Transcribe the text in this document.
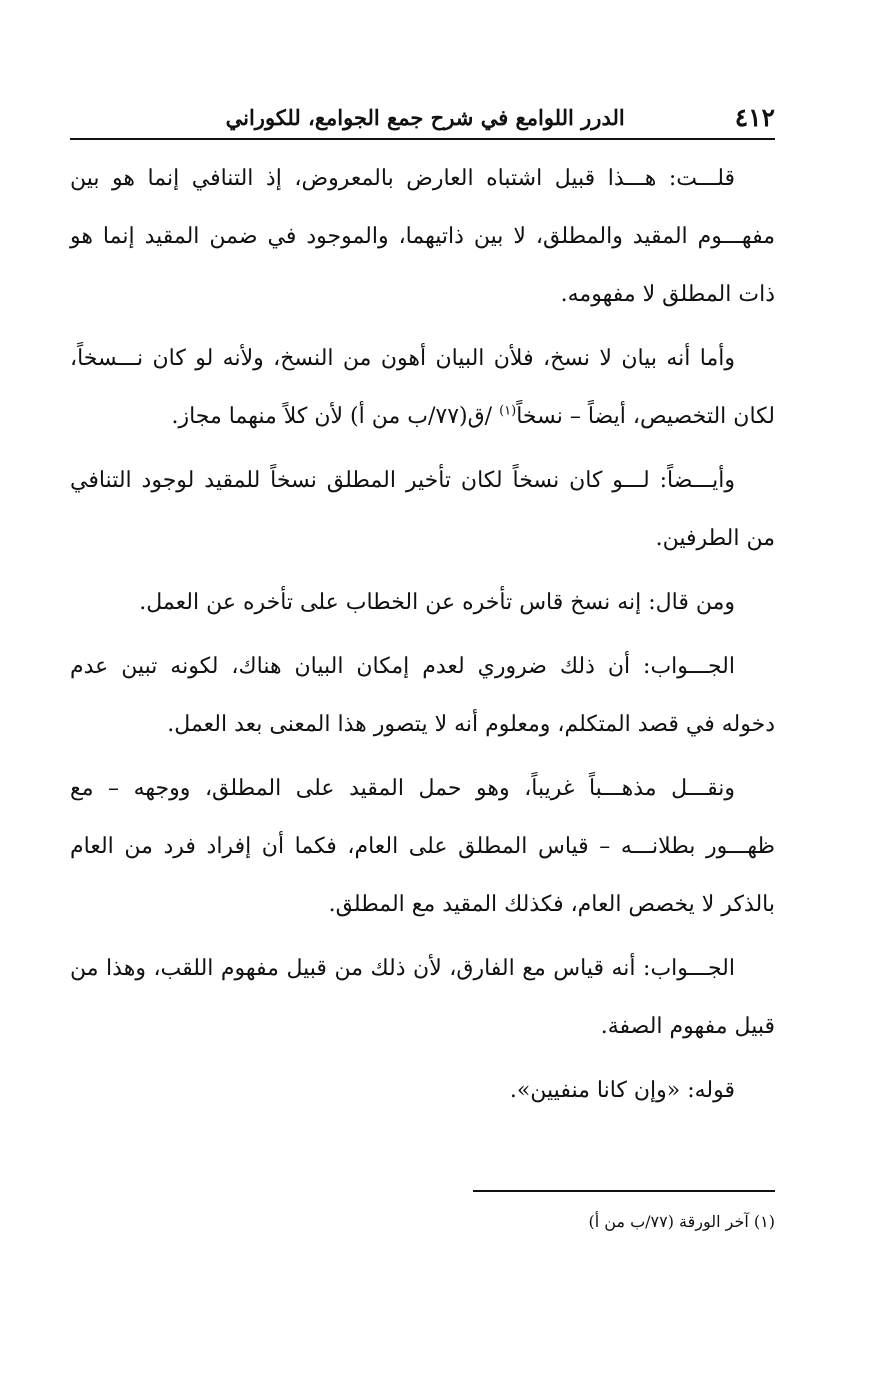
٤١٢
الدرر اللوامع في شرح جمع الجوامع، للكوراني

قلـــت: هـــذا قبيل اشتباه العارض بالمعروض، إذ التنافي إنما هو بين مفهـــوم المقيد والمطلق، لا بين ذاتيهما، والموجود في ضمن المقيد إنما هو ذات المطلق لا مفهومه.

وأما أنه بيان لا نسخ، فلأن البيان أهون من النسخ، ولأنه لو كان نـــسخاً، لكان التخصيص، أيضاً – نسخاً$^{(١)}$ /ق(٧٧/ب من أ) لأن كلاً منهما مجاز.

وأيـــضاً: لـــو كان نسخاً لكان تأخير المطلق نسخاً للمقيد لوجود التنافي من الطرفين.

ومن قال: إنه نسخ قاس تأخره عن الخطاب على تأخره عن العمل.

الجـــواب: أن ذلك ضروري لعدم إمكان البيان هناك، لكونه تبين عدم دخوله في قصد المتكلم، ومعلوم أنه لا يتصور هذا المعنى بعد العمل.

ونقـــل مذهـــباً غريباً، وهو حمل المقيد على المطلق، ووجهه – مع ظهـــور بطلانـــه – قياس المطلق على العام، فكما أن إفراد فرد من العام بالذكر لا يخصص العام، فكذلك المقيد مع المطلق.

الجـــواب: أنه قياس مع الفارق، لأن ذلك من قبيل مفهوم اللقب، وهذا من قبيل مفهوم الصفة.

قوله: «وإن كانا منفيين».

(١) آخر الورقة (٧٧/ب من أ)
